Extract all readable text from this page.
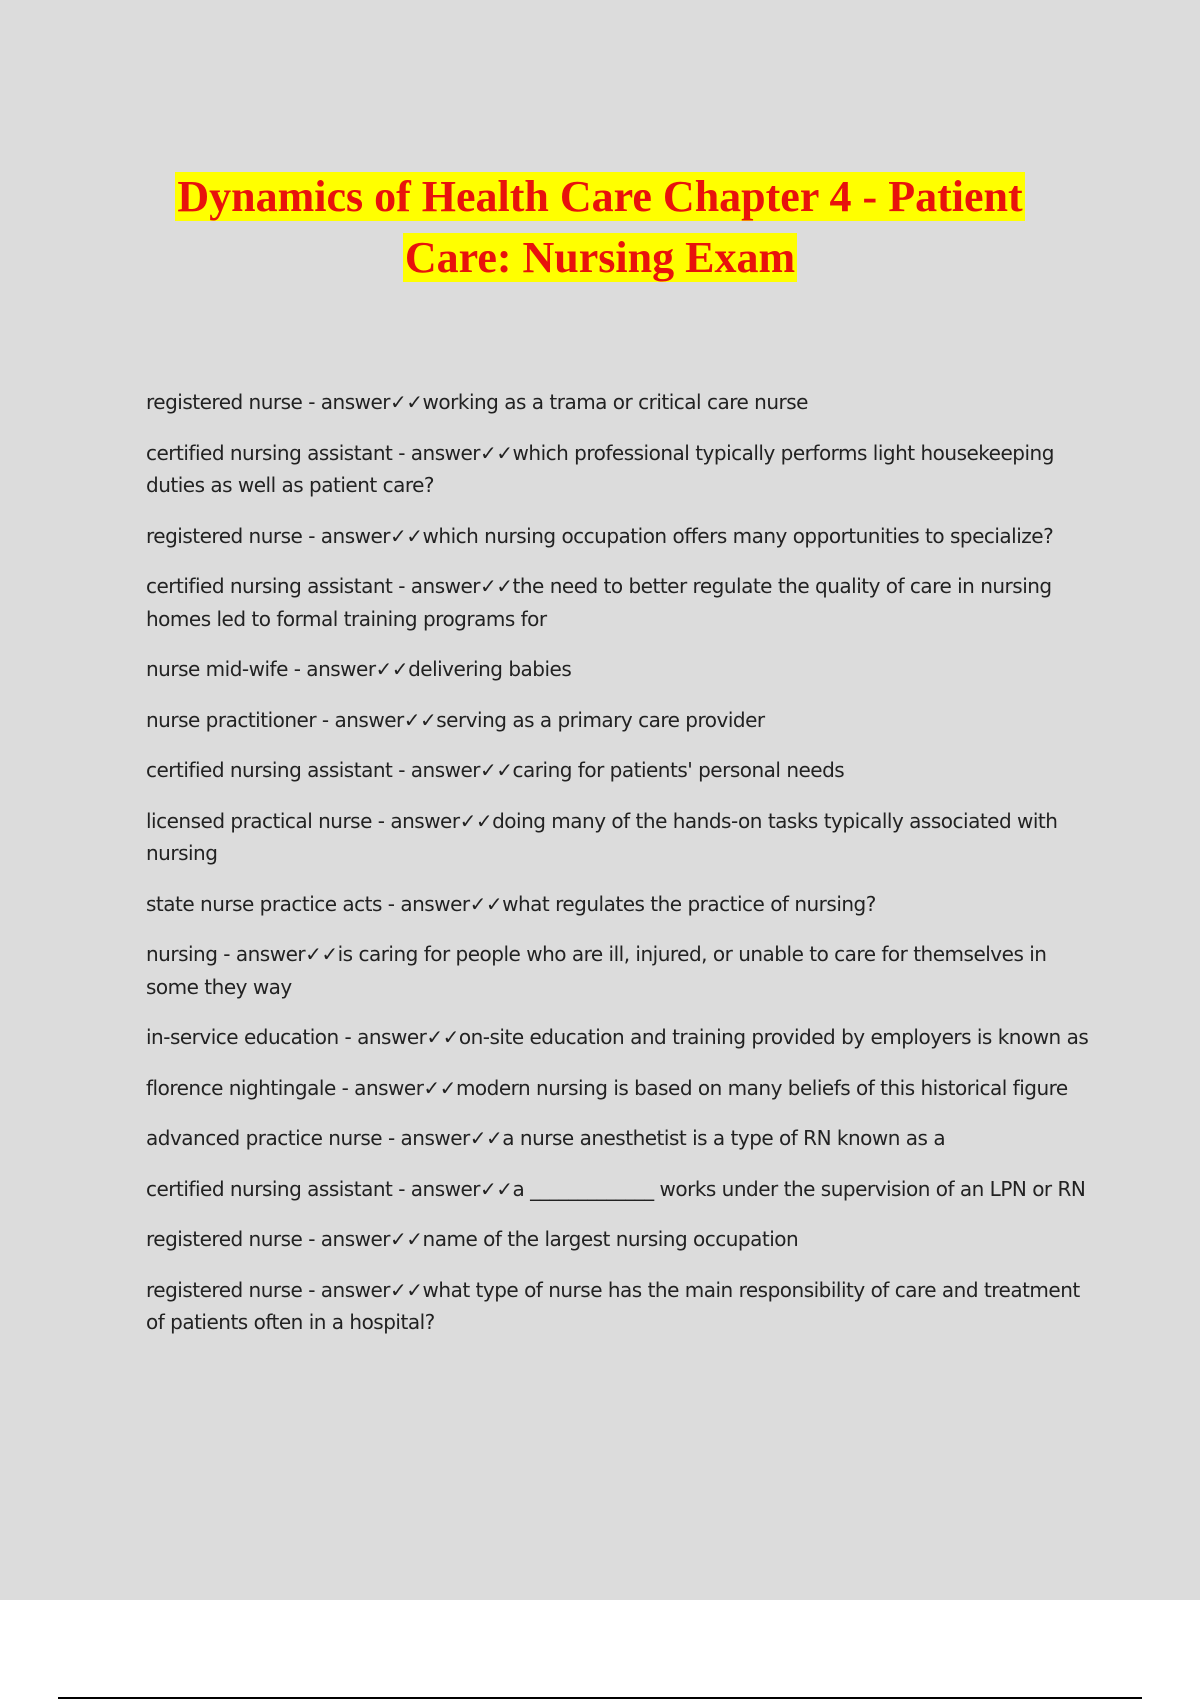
Dynamics of Health Care Chapter 4 - Patient
Care: Nursing Exam
registered nurse - answer✓✓working as a trama or critical care nurse
certified nursing assistant - answer✓✓which professional typically performs light housekeeping duties as well as patient care?
registered nurse - answer✓✓which nursing occupation offers many opportunities to specialize?
certified nursing assistant - answer✓✓the need to better regulate the quality of care in nursing homes led to formal training programs for
nurse mid-wife - answer✓✓delivering babies
nurse practitioner - answer✓✓serving as a primary care provider
certified nursing assistant - answer✓✓caring for patients' personal needs
licensed practical nurse - answer✓✓doing many of the hands-on tasks typically associated with nursing
state nurse practice acts - answer✓✓what regulates the practice of nursing?
nursing - answer✓✓is caring for people who are ill, injured, or unable to care for themselves in some they way
in-service education - answer✓✓on-site education and training provided by employers is known as
florence nightingale - answer✓✓modern nursing is based on many beliefs of this historical figure
advanced practice nurse - answer✓✓a nurse anesthetist is a type of RN known as a
certified nursing assistant - answer✓✓a _____________ works under the supervision of an LPN or RN
registered nurse - answer✓✓name of the largest nursing occupation
registered nurse - answer✓✓what type of nurse has the main responsibility of care and treatment of patients often in a hospital?
